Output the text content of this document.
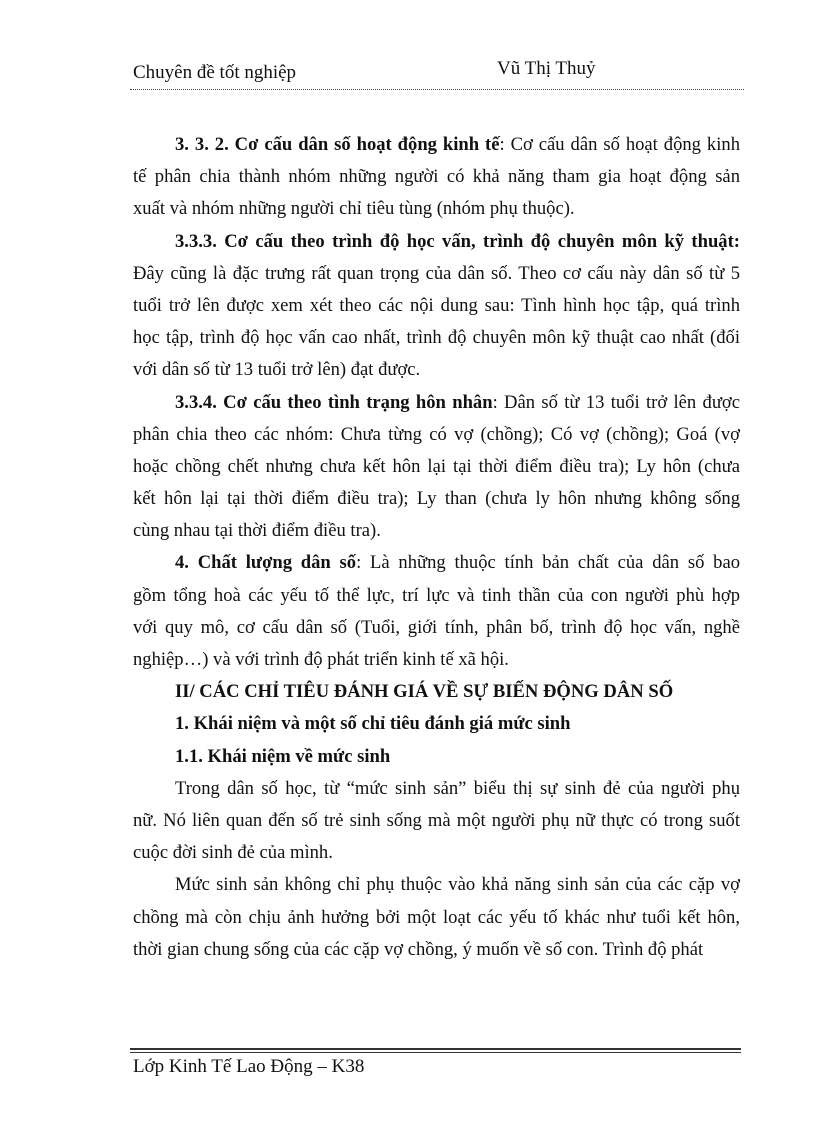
Chuyên đề tốt nghiệp	Vũ Thị Thuỷ
3. 3. 2. Cơ cấu dân số hoạt động kinh tế: Cơ cấu dân số hoạt động kinh
tế phân chia thành nhóm những người có khả năng tham gia hoạt động sản
xuất và nhóm những người chỉ tiêu tùng (nhóm phụ thuộc).
3.3.3. Cơ cấu theo trình độ học vấn, trình độ chuyên môn kỹ thuật:
Đây cũng là đặc trưng rất quan trọng của dân số. Theo cơ cấu này dân số từ 5
tuổi trở lên được xem xét theo các nội dung sau: Tình hình học tập, quá trình
học tập, trình độ học vấn cao nhất, trình độ chuyên môn kỹ thuật cao nhất (đối
với dân số từ 13 tuổi trở lên) đạt được.
3.3.4. Cơ cấu theo tình trạng hôn nhân: Dân số từ 13 tuổi trở lên được
phân chia theo các nhóm: Chưa từng có vợ (chồng); Có vợ (chồng); Goá (vợ
hoặc chồng chết nhưng chưa kết hôn lại tại thời điểm điều tra); Ly hôn (chưa
kết hôn lại tại thời điểm điều tra); Ly than (chưa ly hôn nhưng không sống
cùng nhau tại thời điểm điều tra).
4. Chất lượng dân số: Là những thuộc tính bản chất của dân số bao
gồm tổng hoà các yếu tố thể lực, trí lực và tinh thần của con người phù hợp
với quy mô, cơ cấu dân số (Tuổi, giới tính, phân bố, trình độ học vấn, nghề
nghiệp…) và với trình độ phát triển kinh tế xã hội.
II/ CÁC CHỈ TIÊU ĐÁNH GIÁ VỀ SỰ BIẾN ĐỘNG DÂN SỐ
1. Khái niệm và một số chỉ tiêu đánh giá mức sinh
1.1. Khái niệm về mức sinh
Trong dân số học, từ “mức sinh sản” biểu thị sự sinh đẻ của người phụ
nữ. Nó liên quan đến số trẻ sinh sống mà một người phụ nữ thực có trong suốt
cuộc đời sinh đẻ của mình.
Mức sinh sản không chỉ phụ thuộc vào khả năng sinh sản của các cặp vợ
chồng mà còn chịu ảnh hưởng bởi một loạt các yếu tố khác như tuổi kết hôn,
thời gian chung sống của các cặp vợ chồng, ý muốn về số con. Trình độ phát
Lớp Kinh Tế Lao Động – K38
